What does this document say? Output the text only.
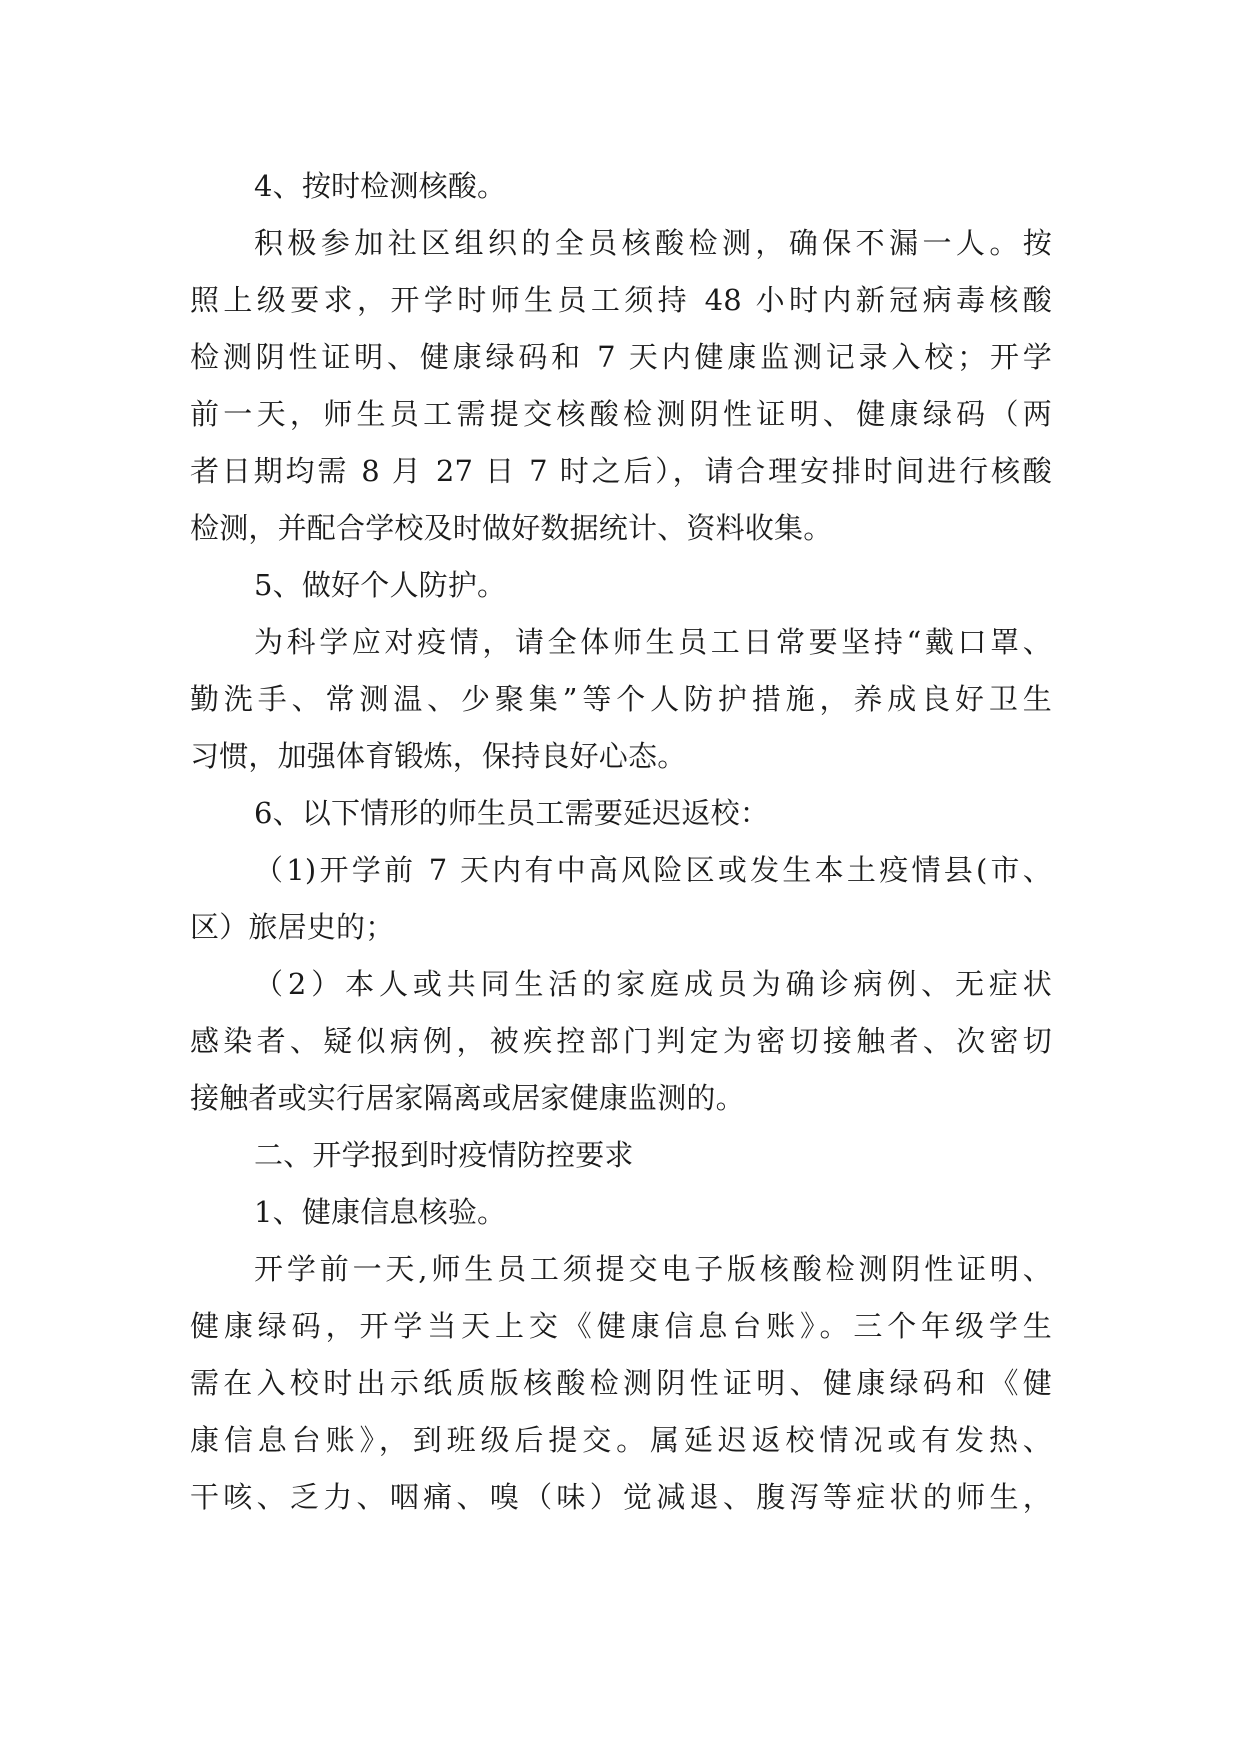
4、按时检测核酸。
积极参加社区组织的全员核酸检测，确保不漏一人。按
照上级要求，开学时师生员工须持 48 小时内新冠病毒核酸
检测阴性证明、健康绿码和 7 天内健康监测记录入校；开学
前一天，师生员工需提交核酸检测阴性证明、健康绿码（两
者日期均需 8 月 27 日 7 时之后），请合理安排时间进行核酸
检测，并配合学校及时做好数据统计、资料收集。
5、做好个人防护。
为科学应对疫情，请全体师生员工日常要坚持“戴口罩、
勤洗手、常测温、少聚集”等个人防护措施，养成良好卫生
习惯，加强体育锻炼，保持良好心态。
6、以下情形的师生员工需要延迟返校：
（1)开学前 7 天内有中高风险区或发生本土疫情县(市、
区）旅居史的；
（2）本人或共同生活的家庭成员为确诊病例、无症状
感染者、疑似病例，被疾控部门判定为密切接触者、次密切
接触者或实行居家隔离或居家健康监测的。
二、开学报到时疫情防控要求
1、健康信息核验。
开学前一天,师生员工须提交电子版核酸检测阴性证明、
健康绿码，开学当天上交《健康信息台账》。三个年级学生
需在入校时出示纸质版核酸检测阴性证明、健康绿码和《健
康信息台账》，到班级后提交。属延迟返校情况或有发热、
干咳、乏力、咽痛、嗅（味）觉减退、腹泻等症状的师生，
